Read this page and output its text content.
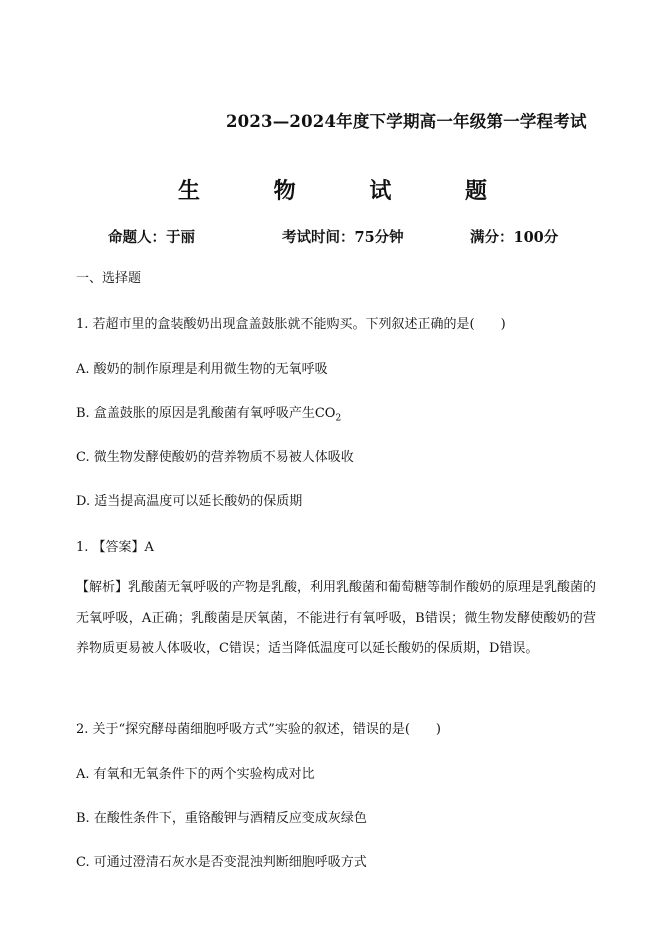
2023—2024年度下学期高一年级第一学程考试
生	物	试	题
命题人：于丽	考试时间：75分钟	满分：100分
一、选择题
1. 若超市里的盒装酸奶出现盒盖鼓胀就不能购买。下列叙述正确的是(　　)
A. 酸奶的制作原理是利用微生物的无氧呼吸
B. 盒盖鼓胀的原因是乳酸菌有氧呼吸产生$CO_2$
C. 微生物发酵使酸奶的营养物质不易被人体吸收
D. 适当提高温度可以延长酸奶的保质期
1. 【答案】A
【解析】乳酸菌无氧呼吸的产物是乳酸，利用乳酸菌和葡萄糖等制作酸奶的原理是乳酸菌的无氧呼吸，A正确；乳酸菌是厌氧菌，不能进行有氧呼吸，B错误；微生物发酵使酸奶的营养物质更易被人体吸收，C错误；适当降低温度可以延长酸奶的保质期，D错误。
2. 关于“探究酵母菌细胞呼吸方式”实验的叙述，错误的是(　　)
A. 有氧和无氧条件下的两个实验构成对比
B. 在酸性条件下，重铬酸钾与酒精反应变成灰绿色
C. 可通过澄清石灰水是否变混浊判断细胞呼吸方式
